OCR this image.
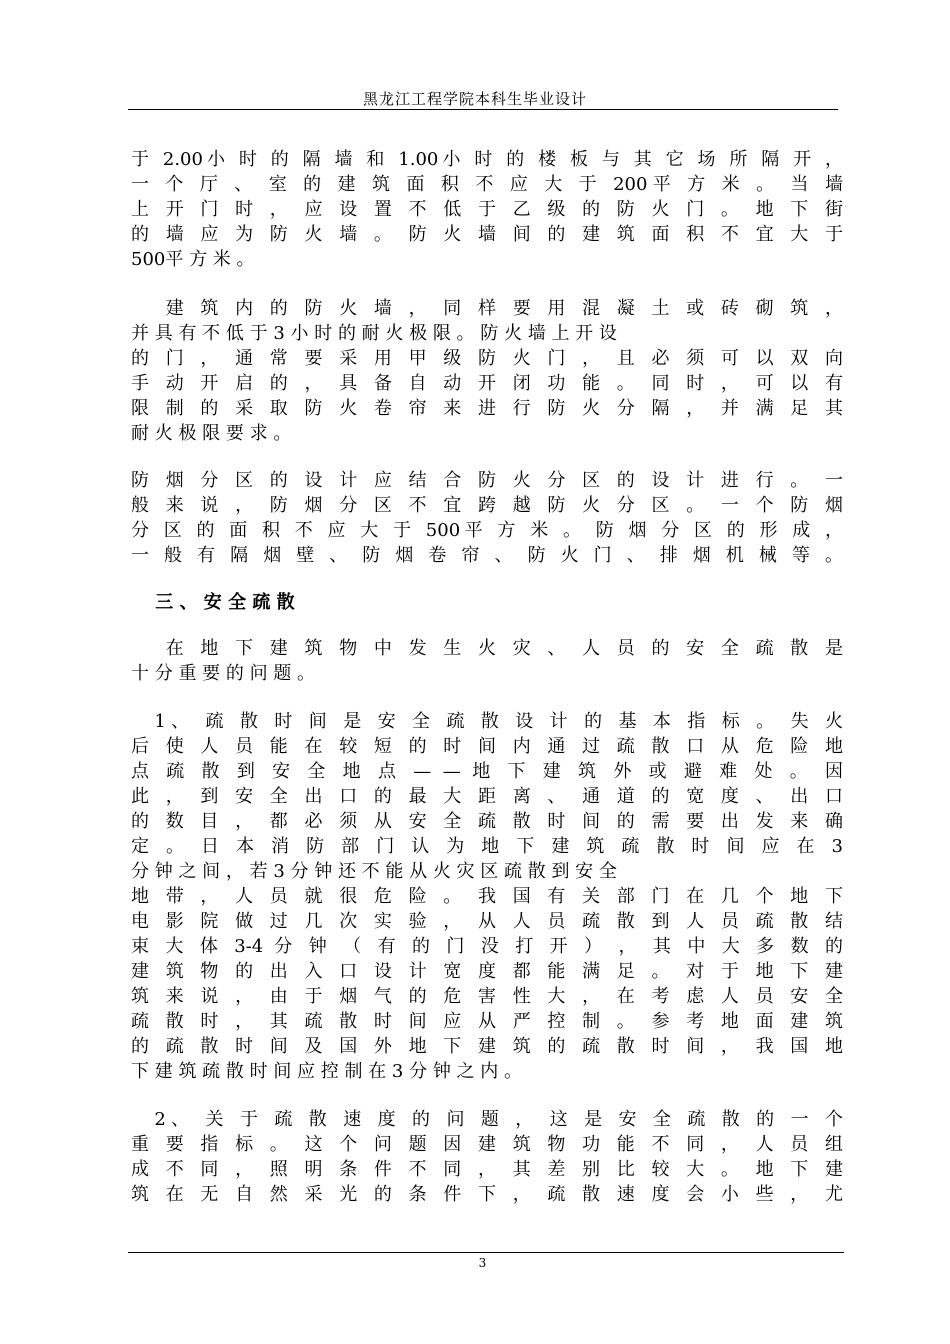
黑龙江工程学院本科生毕业设计
于 2.00小 时 的 隔 墙 和 1.00小 时 的 楼 板 与 其 它 场 所 隔 开 ，
一 个 厅 、 室 的 建 筑 面 积 不 应 大 于 200平 方 米 。 当 墙
上 开 门 时 ， 应 设 置 不 低 于 乙 级 的 防 火 门 。 地 下 街
的 墙 应 为 防 火 墙 。 防 火 墙 间 的 建 筑 面 积 不 宜 大 于
500平 方 米 。
　 建 筑 内 的 防 火 墙 ， 同 样 要 用 混 凝 土 或 砖 砌 筑 ，
并 具 有 不 低 于 3 小 时 的 耐 火 极 限 。 防 火 墙 上 开 设
的 门 ， 通 常 要 采 用 甲 级 防 火 门 ， 且 必 须 可 以 双 向
手 动 开 启 的 ， 具 备 自 动 开 闭 功 能 。 同 时 ， 可 以 有
限 制 的 采 取 防 火 卷 帘 来 进 行 防 火 分 隔 ， 并 满 足 其
耐 火 极 限 要 求 。
防 烟 分 区 的 设 计 应 结 合 防 火 分 区 的 设 计 进 行 。 一
般 来 说 ， 防 烟 分 区 不 宜 跨 越 防 火 分 区 。 一 个 防 烟
分 区 的 面 积 不 应 大 于 500平 方 米 。 防 烟 分 区 的 形 成 ，
一 般 有 隔 烟 壁 、 防 烟 卷 帘 、 防 火 门 、 排 烟 机 械 等 。
　 三 、 安 全 疏 散
　 在 地 下 建 筑 物 中 发 生 火 灾 、 人 员 的 安 全 疏 散 是
十 分 重 要 的 问 题 。
　1、 疏 散 时 间 是 安 全 疏 散 设 计 的 基 本 指 标 。 失 火
后 使 人 员 能 在 较 短 的 时 间 内 通 过 疏 散 口 从 危 险 地
点 疏 散 到 安 全 地 点 — — 地 下 建 筑 外 或 避 难 处 。 因
此 ， 到 安 全 出 口 的 最 大 距 离 、 通 道 的 宽 度 、 出 口
的 数 目 ， 都 必 须 从 安 全 疏 散 时 间 的 需 要 出 发 来 确
定 。 日 本 消 防 部 门 认 为 地 下 建 筑 疏 散 时 间 应 在 3
分 钟 之 间 ， 若 3 分 钟 还 不 能 从 火 灾 区 疏 散 到 安 全
地 带 ， 人 员 就 很 危 险 。 我 国 有 关 部 门 在 几 个 地 下
电 影 院 做 过 几 次 实 验 ， 从 人 员 疏 散 到 人 员 疏 散 结
束 大 体 3-4 分 钟 （ 有 的 门 没 打 开 ） ， 其 中 大 多 数 的
建 筑 物 的 出 入 口 设 计 宽 度 都 能 满 足 。 对 于 地 下 建
筑 来 说 ， 由 于 烟 气 的 危 害 性 大 ， 在 考 虑 人 员 安 全
疏 散 时 ， 其 疏 散 时 间 应 从 严 控 制 。 参 考 地 面 建 筑
的 疏 散 时 间 及 国 外 地 下 建 筑 的 疏 散 时 间 ， 我 国 地
下 建 筑 疏 散 时 间 应 控 制 在 3 分 钟 之 内 。
　2、 关 于 疏 散 速 度 的 问 题 ， 这 是 安 全 疏 散 的 一 个
重 要 指 标 。 这 个 问 题 因 建 筑 物 功 能 不 同 ， 人 员 组
成 不 同 ， 照 明 条 件 不 同 ， 其 差 别 比 较 大 。 地 下 建
筑 在 无 自 然 采 光 的 条 件 下 ， 疏 散 速 度 会 小 些 ， 尤
3
